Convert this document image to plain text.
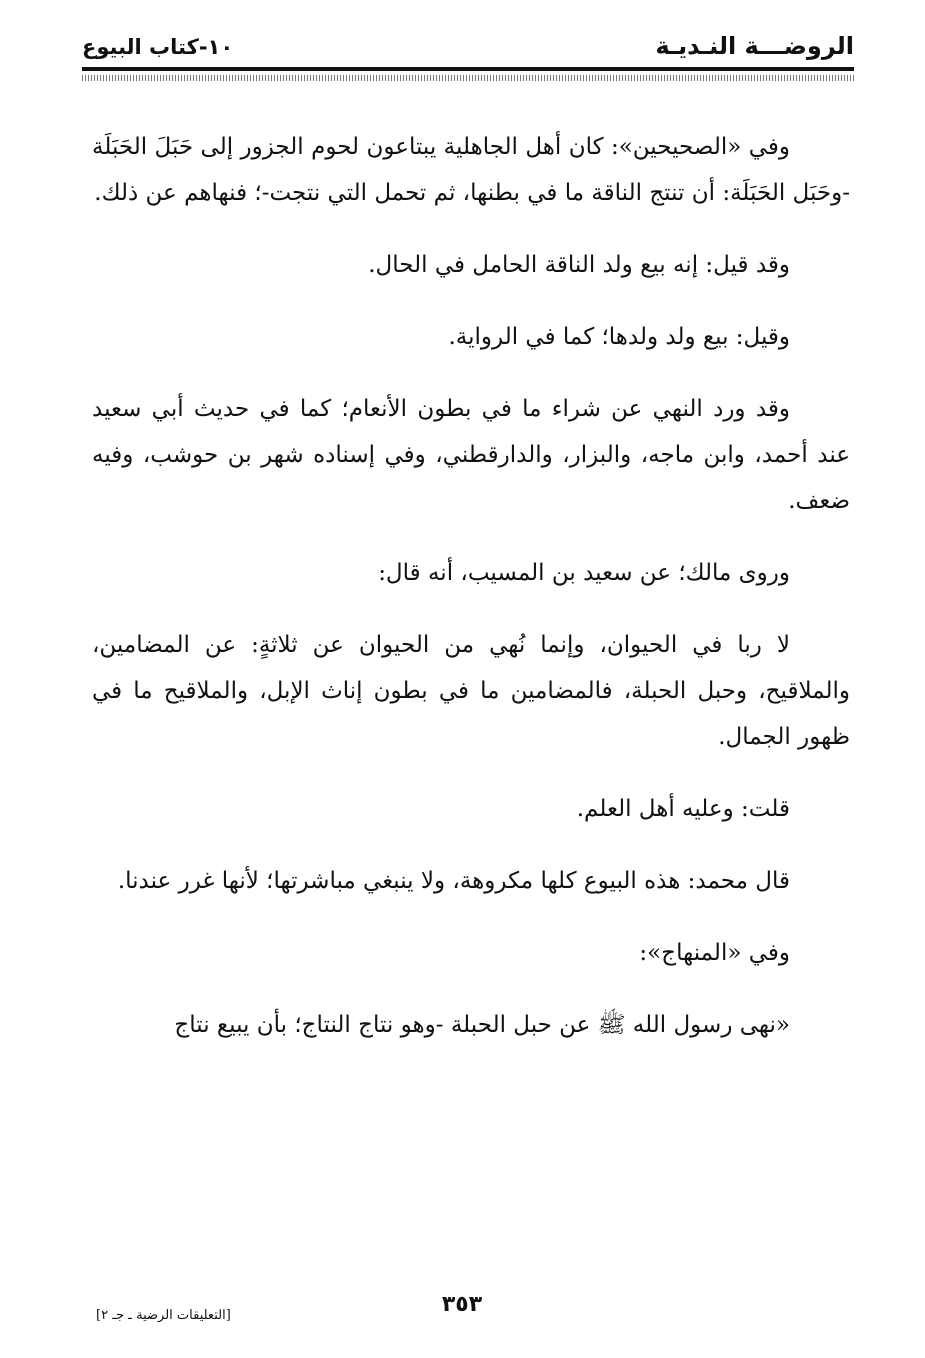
الروضـــة النـديـة
١٠-كتاب البيوع

وفي «الصحيحين»: كان أهل الجاهلية يبتاعون لحوم الجزور إلى حَبَلَ الحَبَلَة -وحَبَل الحَبَلَة: أن تنتج الناقة ما في بطنها، ثم تحمل التي نتجت-؛ فنهاهم عن ذلك.

وقد قيل: إنه بيع ولد الناقة الحامل في الحال.

وقيل: بيع ولد ولدها؛ كما في الرواية.

وقد ورد النهي عن شراء ما في بطون الأنعام؛ كما في حديث أبي سعيد عند أحمد، وابن ماجه، والبزار، والدارقطني، وفي إسناده شهر بن حوشب، وفيه ضعف.

وروى مالك؛ عن سعيد بن المسيب، أنه قال:

لا ربا في الحيوان، وإنما نُهي من الحيوان عن ثلاثةٍ: عن المضامين، والملاقيح، وحبل الحبلة، فالمضامين ما في بطون إناث الإبل، والملاقيح ما في ظهور الجمال.

قلت: وعليه أهل العلم.

قال محمد: هذه البيوع كلها مكروهة، ولا ينبغي مباشرتها؛ لأنها غرر عندنا.

وفي «المنهاج»:

«نهى رسول الله ﷺ عن حبل الحبلة -وهو نتاج النتاج؛ بأن يبيع نتاج

٣٥٣
[التعليقات الرضية ـ جـ ٢]
